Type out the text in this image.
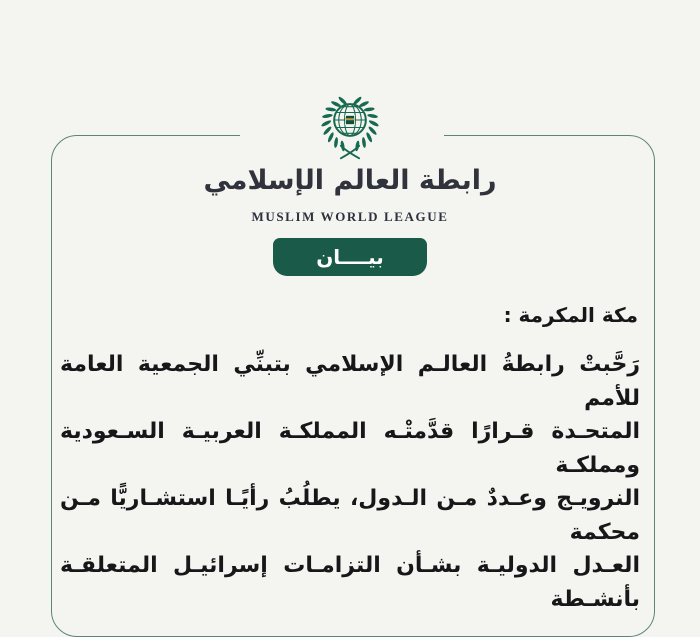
رابطة العالم الإسلامي
MUSLIM WORLD LEAGUE
بيــــان
مكة المكرمة :
رَحَّبتْ رابطةُ العالـم الإسلامي بتبنِّي الجمعية العامة للأمم
المتحـدة قـرارًا قدَّمتْـه المملكـة العربيـة السـعودية ومملكـة
النرويـج وعـددٌ مـن الـدول، يطلُبُ رأيًـا استشـاريًّا مـن محكمة
العـدل الدوليـة بشـأن التزامـات إسرائيـل المتعلقـة بأنشـطة
